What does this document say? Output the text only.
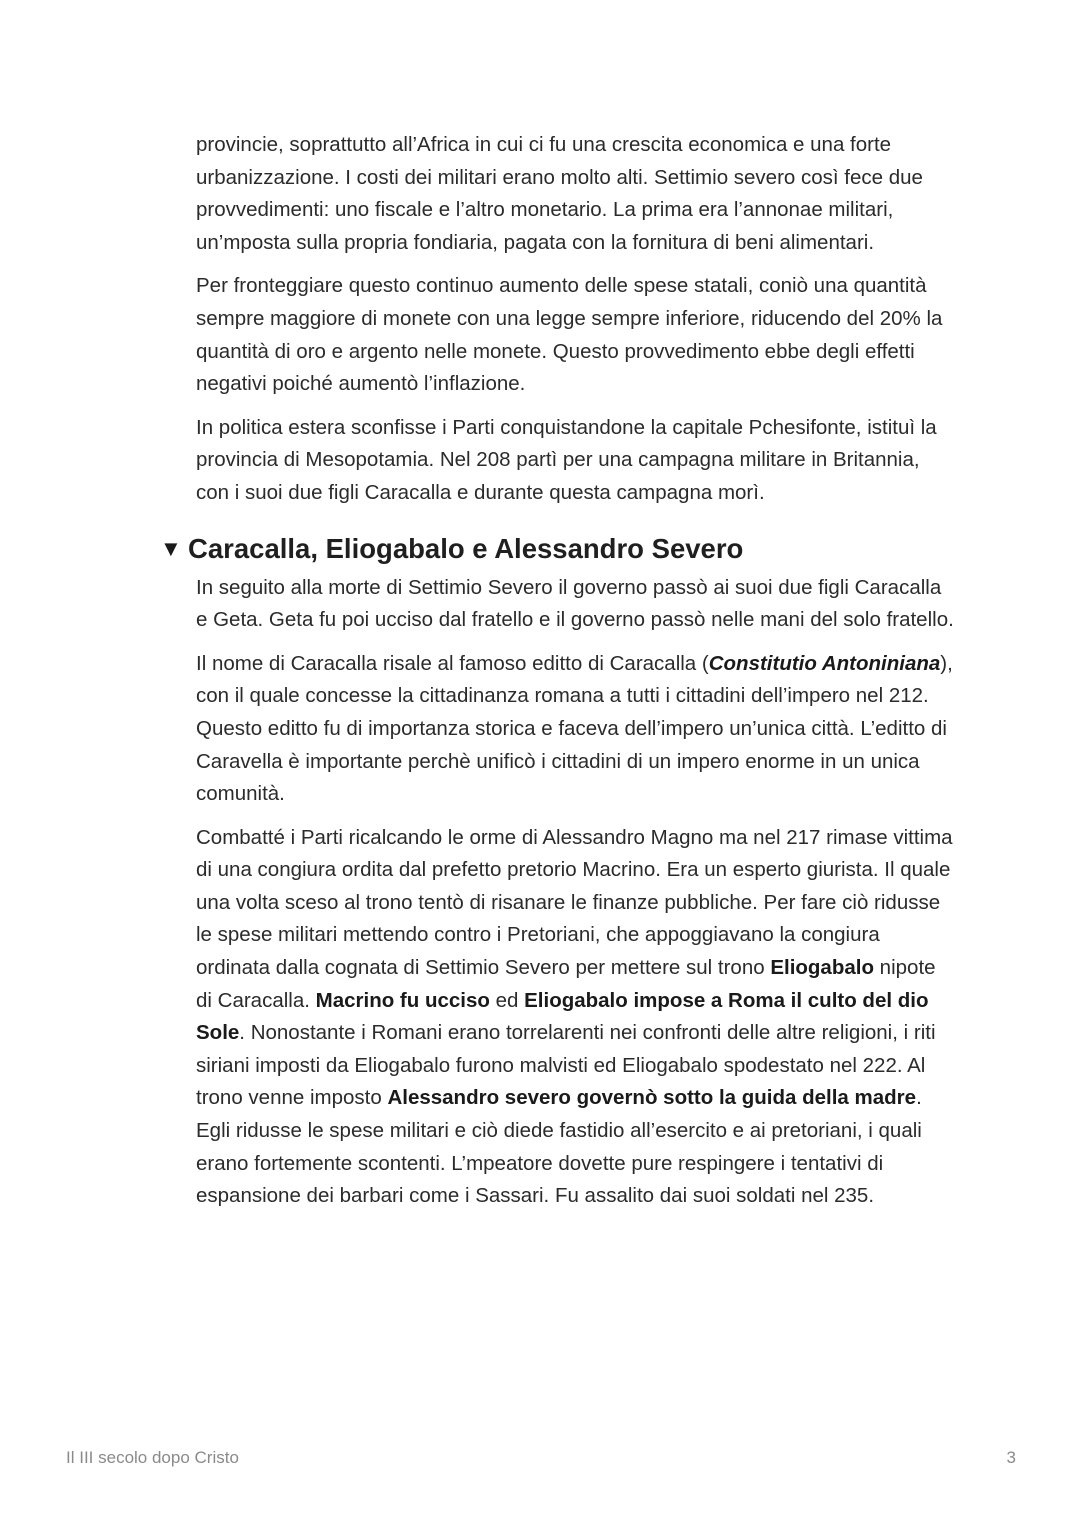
provincie, soprattutto all’Africa in cui ci fu una crescita economica e una forte urbanizzazione. I costi dei militari erano molto alti. Settimio severo così fece due provvedimenti: uno fiscale e l’altro monetario. La prima era l’annonae militari, un’mposta sulla propria fondiaria, pagata con la fornitura di beni alimentari.

Per fronteggiare questo continuo aumento delle spese statali, coniò una quantità sempre maggiore di monete con una legge sempre inferiore, riducendo del 20% la quantità di oro e argento nelle monete. Questo provvedimento ebbe degli effetti negativi poiché aumentò l’inflazione.

In politica estera sconfisse i Parti conquistandone la capitale Pchesifonte, istituì la provincia di Mesopotamia. Nel 208 partì per una campagna militare in Britannia, con i suoi due figli Caracalla e durante questa campagna morì.

▼ Caracalla, Eliogabalo e Alessandro Severo

In seguito alla morte di Settimio Severo il governo passò ai suoi due figli Caracalla e Geta. Geta fu poi ucciso dal fratello e il governo passò nelle mani del solo fratello.

Il nome di Caracalla risale al famoso editto di Caracalla (Constitutio Antoniniana), con il quale concesse la cittadinanza romana a tutti i cittadini dell’impero nel 212. Questo editto fu di importanza storica e faceva dell’impero un’unica città. L’editto di Caravella è importante perchè unificò i cittadini di un impero enorme in un unica comunità.

Combatté i Parti ricalcando le orme di Alessandro Magno ma nel 217 rimase vittima di una congiura ordita dal prefetto pretorio Macrino. Era un esperto giurista. Il quale una volta sceso al trono tentò di risanare le finanze pubbliche. Per fare ciò ridusse le spese militari mettendo contro i Pretoriani, che appoggiavano la congiura ordinata dalla cognata di Settimio Severo per mettere sul trono Eliogabalo nipote di Caracalla. Macrino fu ucciso ed Eliogabalo impose a Roma il culto del dio Sole. Nonostante i Romani erano torrelarenti nei confronti delle altre religioni, i riti siriani imposti da Eliogabalo furono malvisti ed Eliogabalo spodestato nel 222. Al trono venne imposto Alessandro severo governò sotto la guida della madre. Egli ridusse le spese militari e ciò diede fastidio all’esercito e ai pretoriani, i quali erano fortemente scontenti. L’mpeatore dovette pure respingere i tentativi di espansione dei barbari come i Sassari. Fu assalito dai suoi soldati nel 235.

Il III secolo dopo Cristo	3
